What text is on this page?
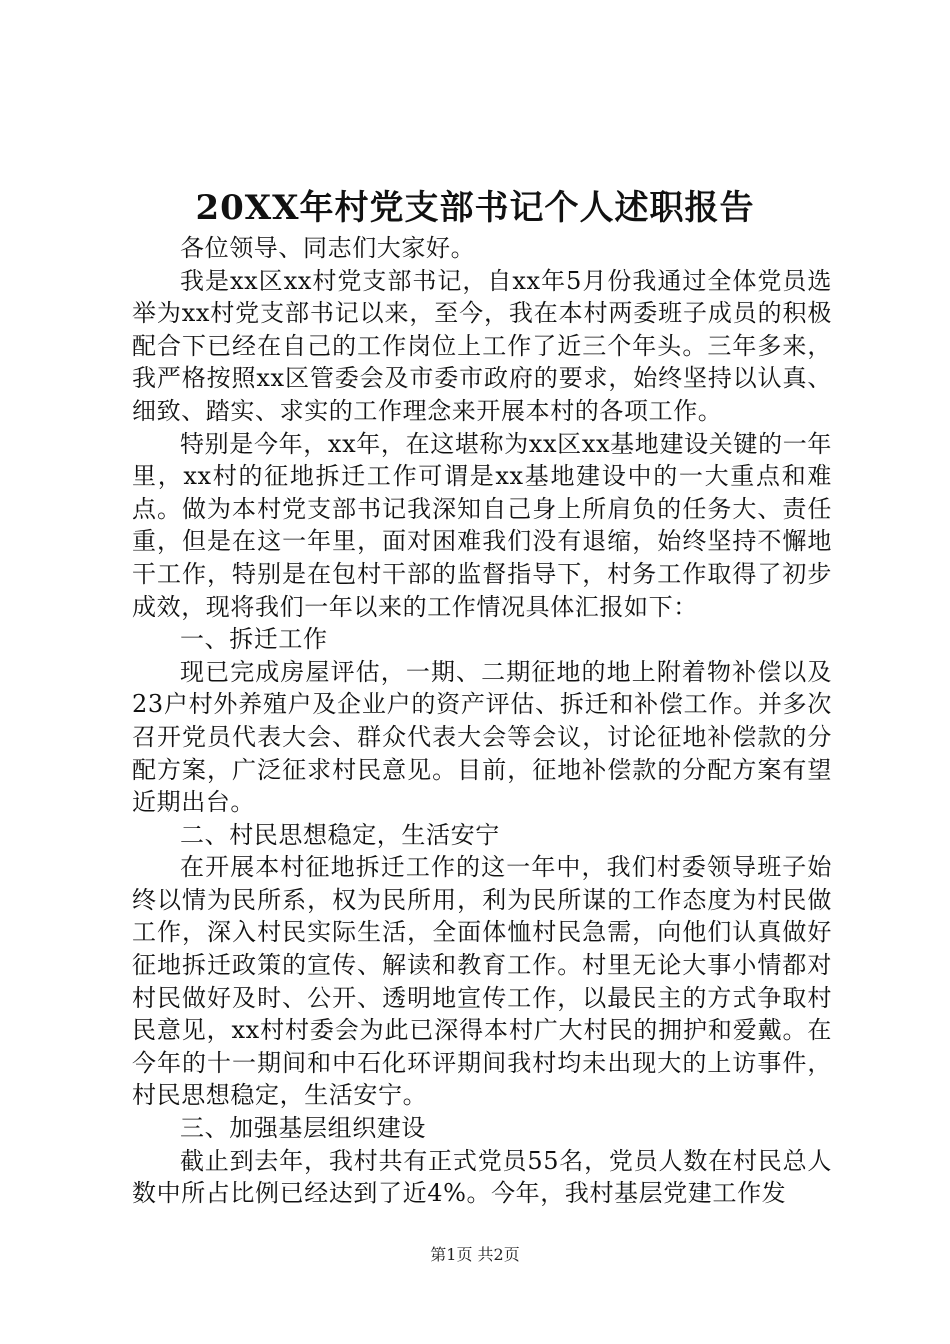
20XX年村党支部书记个人述职报告

各位领导、同志们大家好。

我是xx区xx村党支部书记，自xx年5月份我通过全体党员选举为xx村党支部书记以来，至今，我在本村两委班子成员的积极配合下已经在自己的工作岗位上工作了近三个年头。三年多来，我严格按照xx区管委会及市委市政府的要求，始终坚持以认真、细致、踏实、求实的工作理念来开展本村的各项工作。

特别是今年，xx年，在这堪称为xx区xx基地建设关键的一年里，xx村的征地拆迁工作可谓是xx基地建设中的一大重点和难点。做为本村党支部书记我深知自己身上所肩负的任务大、责任重，但是在这一年里，面对困难我们没有退缩，始终坚持不懈地干工作，特别是在包村干部的监督指导下，村务工作取得了初步成效，现将我们一年以来的工作情况具体汇报如下：

一、拆迁工作

现已完成房屋评估，一期、二期征地的地上附着物补偿以及23户村外养殖户及企业户的资产评估、拆迁和补偿工作。并多次召开党员代表大会、群众代表大会等会议，讨论征地补偿款的分配方案，广泛征求村民意见。目前，征地补偿款的分配方案有望近期出台。

二、村民思想稳定，生活安宁

在开展本村征地拆迁工作的这一年中，我们村委领导班子始终以情为民所系，权为民所用，利为民所谋的工作态度为村民做工作，深入村民实际生活，全面体恤村民急需，向他们认真做好征地拆迁政策的宣传、解读和教育工作。村里无论大事小情都对村民做好及时、公开、透明地宣传工作，以最民主的方式争取村民意见，xx村村委会为此已深得本村广大村民的拥护和爱戴。在今年的十一期间和中石化环评期间我村均未出现大的上访事件，村民思想稳定，生活安宁。

三、加强基层组织建设

截止到去年，我村共有正式党员55名，党员人数在村民总人数中所占比例已经达到了近4%。今年，我村基层党建工作发

第1页 共2页
